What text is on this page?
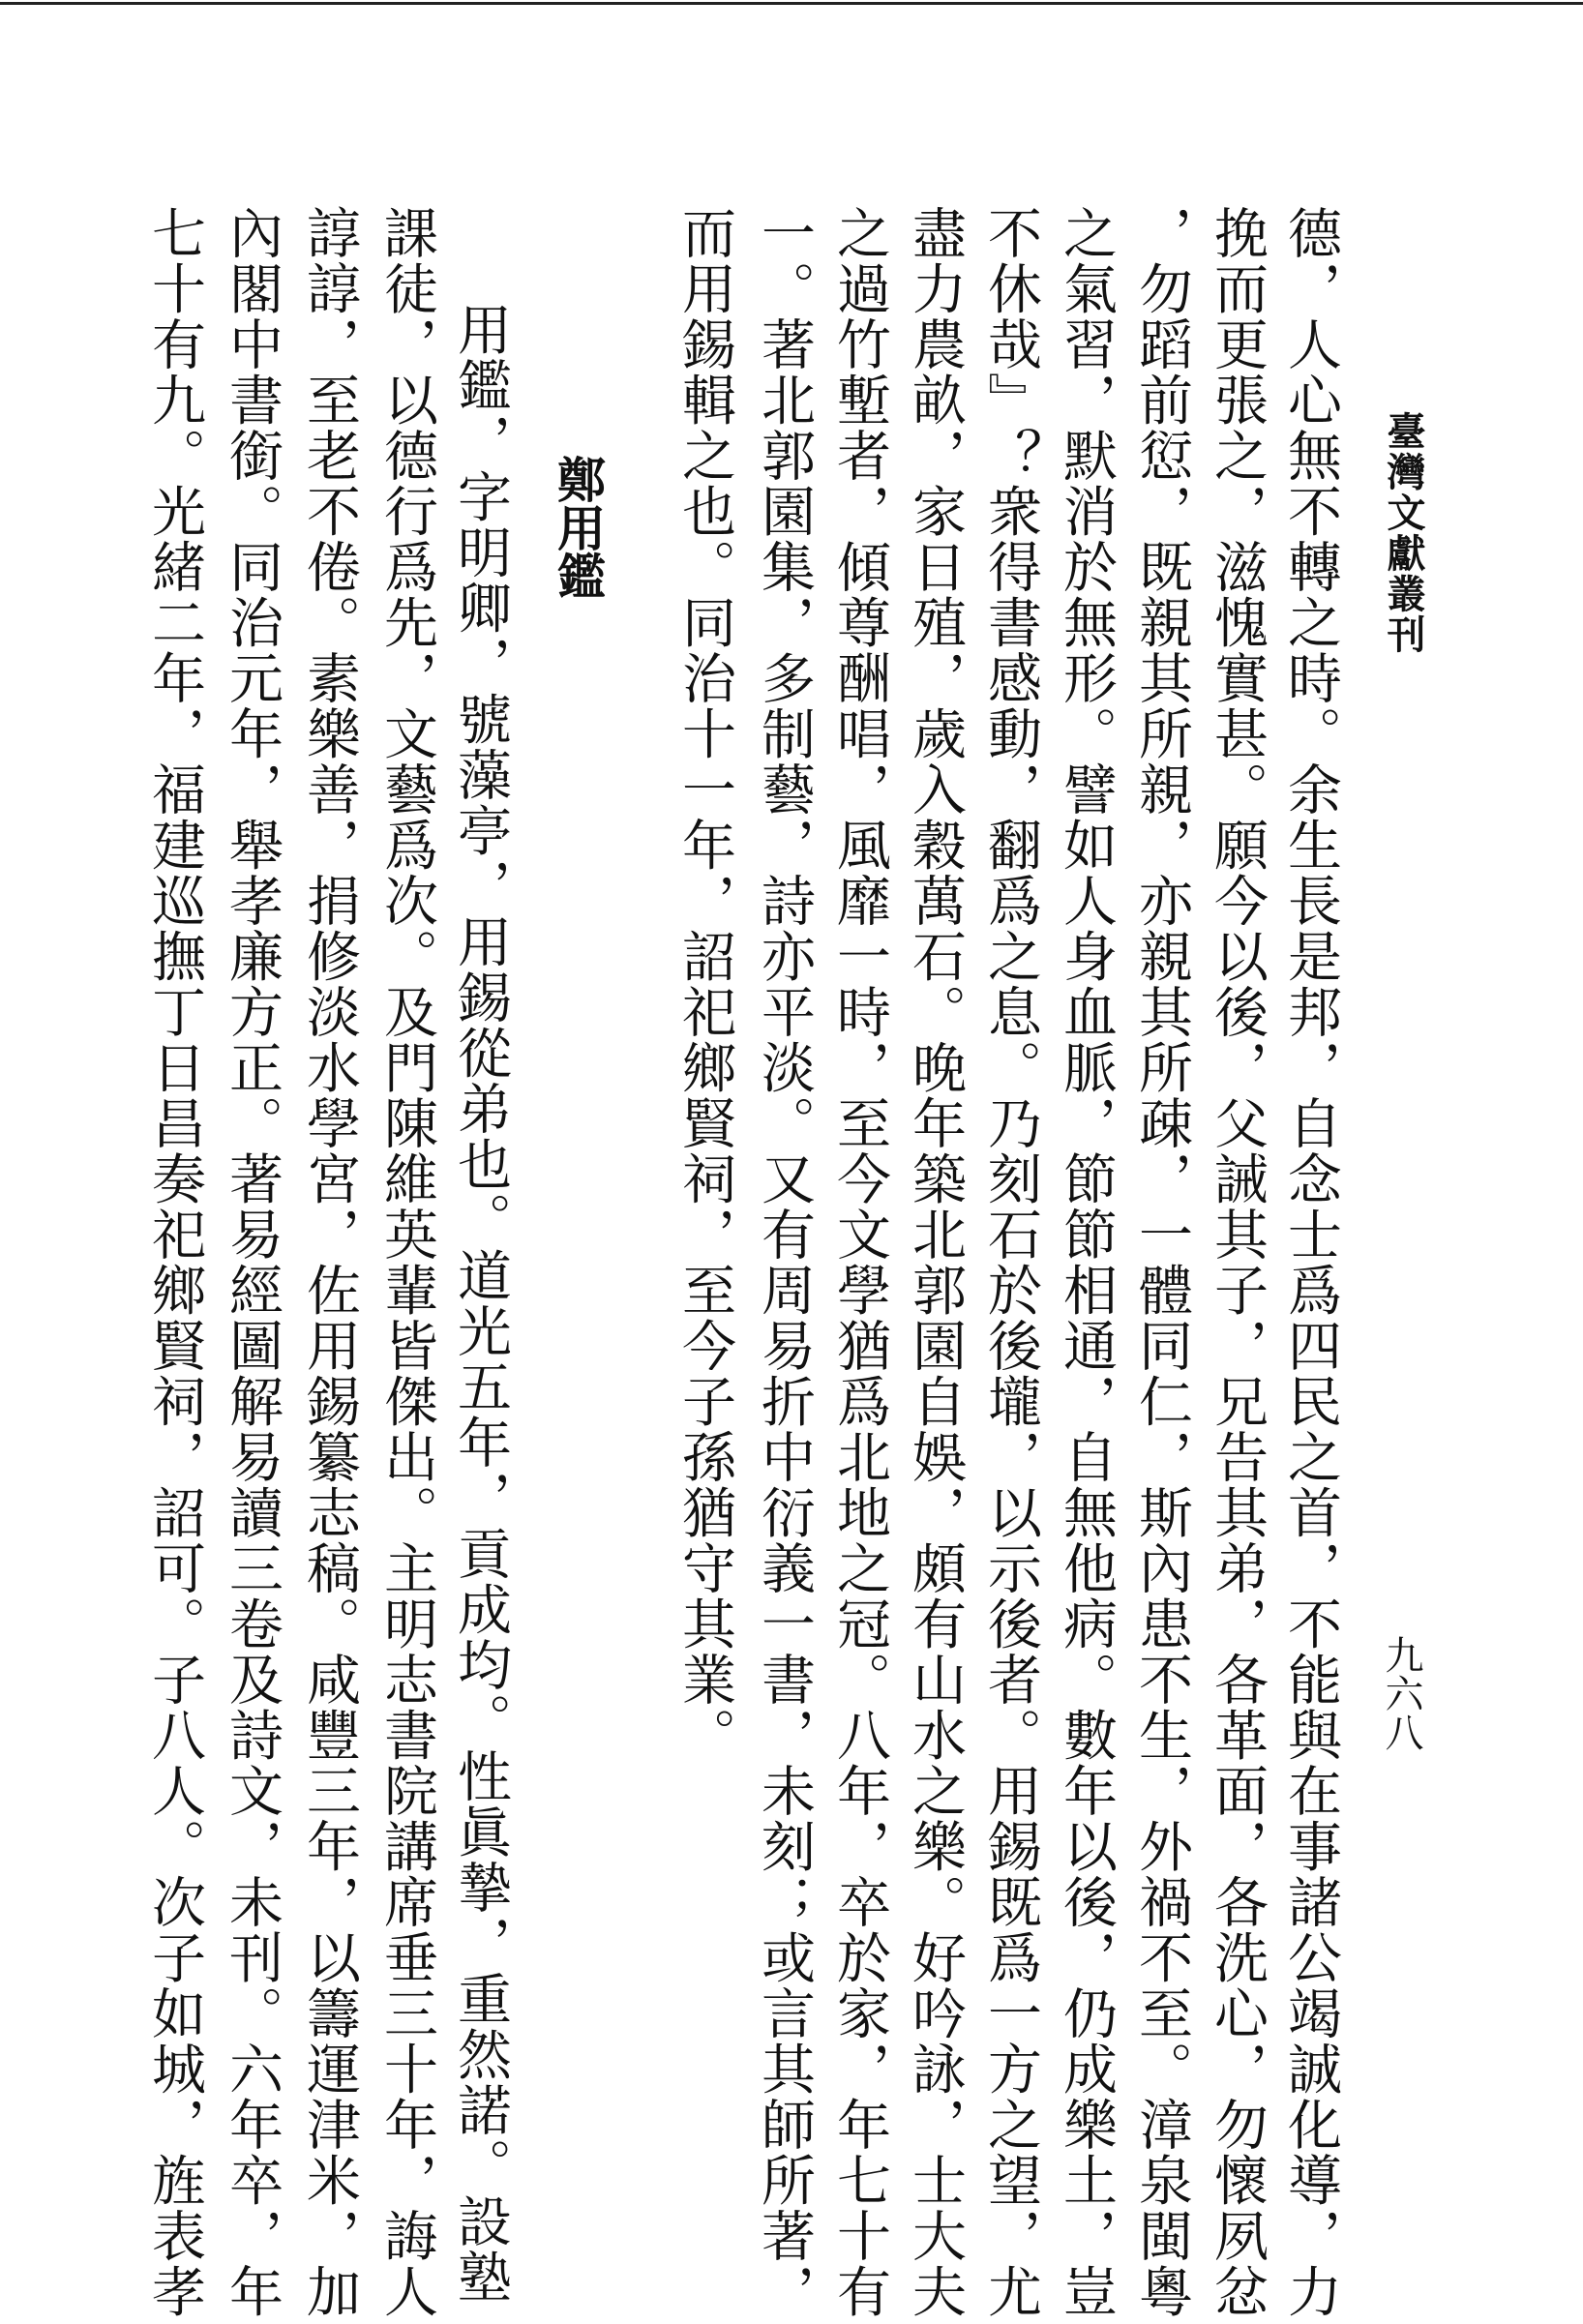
臺灣文獻叢刊
九六八
德，人心無不轉之時。余生長是邦，自念士爲四民之首，不能與在事諸公竭誠化導，力
挽而更張之，滋愧實甚。願今以後，父誡其子，兄告其弟，各革面，各洗心，勿懷夙忿
，勿蹈前愆，既親其所親，亦親其所疎，一體同仁，斯內患不生，外禍不至。漳泉閩粵
之氣習，默消於無形。譬如人身血脈，節節相通，自無他病。數年以後，仍成樂土，豈
不休哉』？衆得書感動，翻爲之息。乃刻石於後壠，以示後者。用錫既爲一方之望，尤
盡力農畝，家日殖，歲入穀萬石。晚年築北郭園自娛，頗有山水之樂。好吟詠，士大夫
之過竹塹者，傾尊酬唱，風靡一時，至今文學猶爲北地之冠。八年，卒於家，年七十有
一。著北郭園集，多制藝，詩亦平淡。又有周易折中衍義一書，未刻；或言其師所著，
而用錫輯之也。同治十一年，詔祀鄉賢祠，至今子孫猶守其業。
鄭用鑑
用鑑，字明卿，號藻亭，用錫從弟也。道光五年，貢成均。性眞摯，重然諾。設塾
課徒，以德行爲先，文藝爲次。及門陳維英輩皆傑出。主明志書院講席垂三十年，誨人
諄諄，至老不倦。素樂善，捐修淡水學宮，佐用錫纂志稿。咸豐三年，以籌運津米，加
內閣中書銜。同治元年，舉孝廉方正。著易經圖解易讀三卷及詩文，未刊。六年卒，年
七十有九。光緒二年，福建巡撫丁日昌奏祀鄉賢祠，詔可。子八人。次子如城，旌表孝
